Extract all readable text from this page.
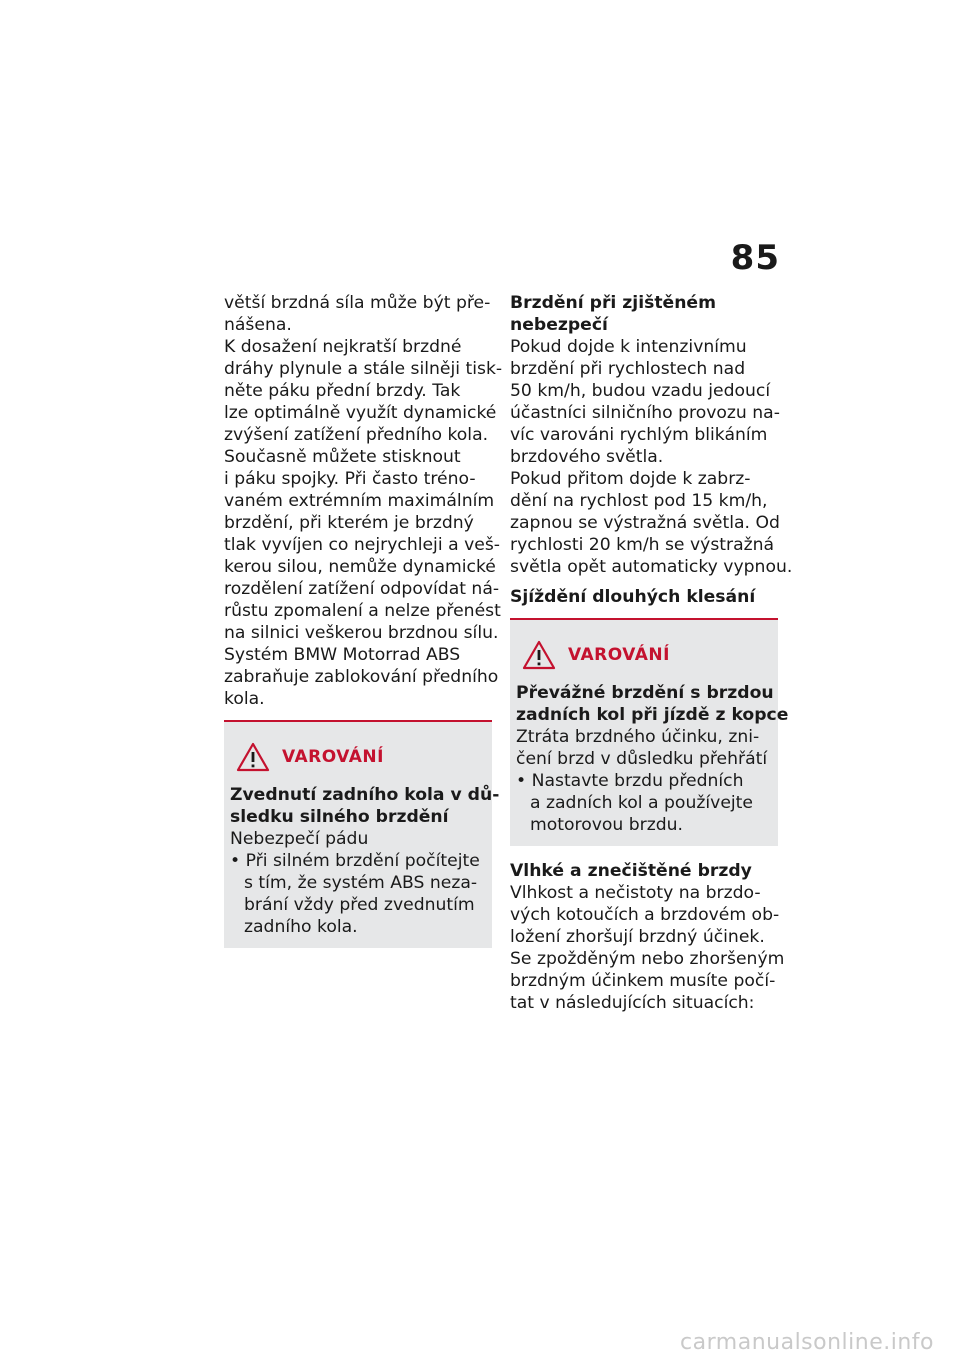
85
větší brzdná síla může být pře-
nášena.
K dosažení nejkratší brzdné
dráhy plynule a stále silněji tisk-
něte páku přední brzdy. Tak
lze optimálně využít dynamické
zvýšení zatížení předního kola.
Současně můžete stisknout
i páku spojky. Při často tréno-
vaném extrémním maximálním
brzdění, při kterém je brzdný
tlak vyvíjen co nejrychleji a veš-
kerou silou, nemůže dynamické
rozdělení zatížení odpovídat ná-
růstu zpomalení a nelze přenést
na silnici veškerou brzdnou sílu.
Systém BMW Motorrad ABS
zabraňuje zablokování předního
kola.
VAROVÁNÍ
Zvednutí zadního kola v dů-
sledku silného brzdění
Nebezpečí pádu
• Při silném brzdění počítejte
s tím, že systém ABS neza-
brání vždy před zvednutím
zadního kola.
Brzdění při zjištěném
nebezpečí
Pokud dojde k intenzivnímu
brzdění při rychlostech nad
50 km/h, budou vzadu jedoucí
účastníci silničního provozu na-
víc varováni rychlým blikáním
brzdového světla.
Pokud přitom dojde k zabrz-
dění na rychlost pod 15 km/h,
zapnou se výstražná světla. Od
rychlosti 20 km/h se výstražná
světla opět automaticky vypnou.
Sjíždění dlouhých klesání
VAROVÁNÍ
Převážné brzdění s brzdou
zadních kol při jízdě z kopce
Ztráta brzdného účinku, zni-
čení brzd v důsledku přehřátí
• Nastavte brzdu předních
a zadních kol a používejte
motorovou brzdu.
Vlhké a znečištěné brzdy
Vlhkost a nečistoty na brzdo-
vých kotoučích a brzdovém ob-
ložení zhoršují brzdný účinek.
Se zpožděným nebo zhoršeným
brzdným účinkem musíte počí-
tat v následujících situacích:
carmanualsonline.info
